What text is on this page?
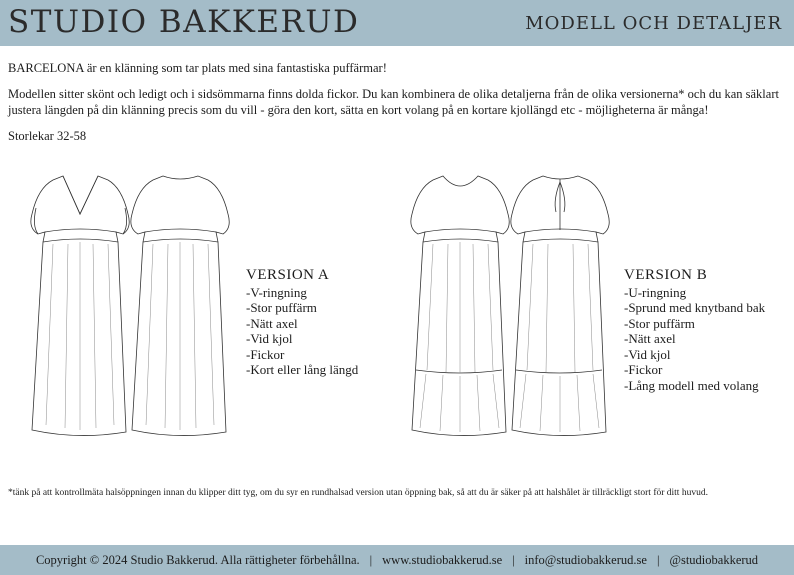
STUDIO BAKKERUD	MODELL OCH DETALJER

BARCELONA är en klänning som tar plats med sina fantastiska puffärmar!

Modellen sitter skönt och ledigt och i sidsömmarna finns dolda fickor. Du kan kombinera de olika detaljerna från de olika versionerna* och du kan säklart justera längden på din klänning precis som du vill - göra den kort, sätta en kort volang på en kortare kjollängd etc - möjligheterna är många!

Storlekar 32-58

VERSION A
-V-ringning
-Stor puffärm
-Nätt axel
-Vid kjol
-Fickor
-Kort eller lång längd
VERSION B
-U-ringning
-Sprund med knytband bak
-Stor puffärm
-Nätt axel
-Vid kjol
-Fickor
-Lång modell med volang
*tänk på att kontrollmäta halsöppningen innan du klipper ditt tyg, om du syr en rundhalsad version utan öppning bak, så att du är säker på att halshålet är tillräckligt stort för ditt huvud.
Copyright © 2024 Studio Bakkerud. Alla rättigheter förbehållna. | www.studiobakkerud.se | info@studiobakkerud.se | @studiobakkerud
